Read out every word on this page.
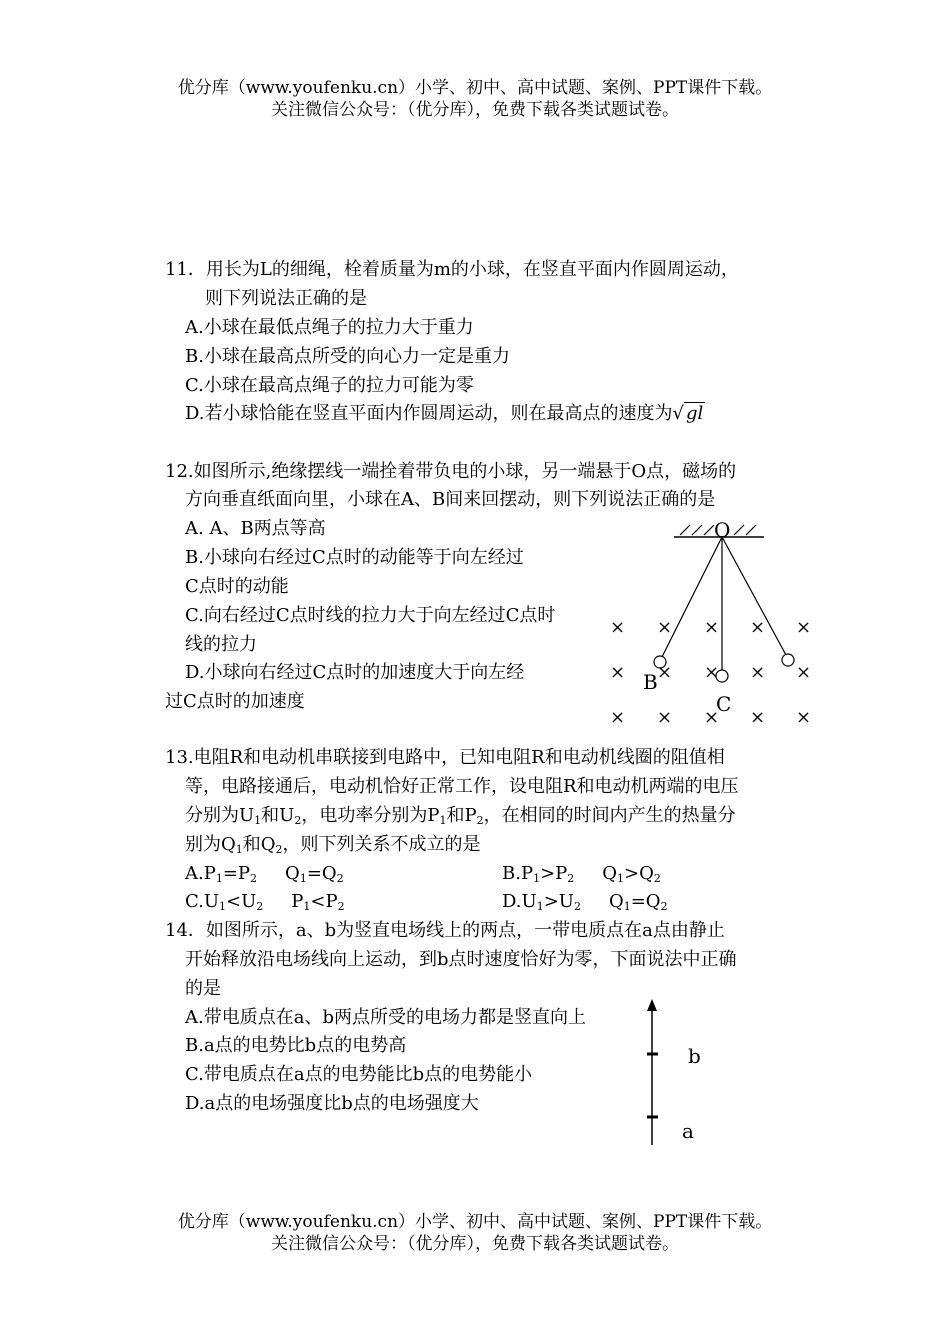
优分库（www.youfenku.cn）小学、初中、高中试题、案例、PPT课件下载。
关注微信公众号：（优分库），免费下载各类试题试卷。
11．用长为L的细绳，栓着质量为m的小球，在竖直平面内作圆周运动，
则下列说法正确的是
A.小球在最低点绳子的拉力大于重力
B.小球在最高点所受的向心力一定是重力
C.小球在最高点绳子的拉力可能为零
D.若小球恰能在竖直平面内作圆周运动，则在最高点的速度为√ gl
12.如图所示,绝缘摆线一端拴着带负电的小球，另一端悬于O点，磁场的
方向垂直纸面向里，小球在A、B间来回摆动，则下列说法正确的是
A. A、B两点等高
B.小球向右经过C点时的动能等于向左经过
C点时的动能
C.向右经过C点时线的拉力大于向左经过C点时
线的拉力
D.小球向右经过C点时的加速度大于向左经
过C点时的加速度
O
× × × × ×
× × × × ×
× × × × ×
B
C
13.电阻R和电动机串联接到电路中，已知电阻R和电动机线圈的阻值相
等，电路接通后，电动机恰好正常工作，设电阻R和电动机两端的电压
分别为$U_1$和$U_2$，电功率分别为$P_1$和$P_2$，在相同的时间内产生的热量分
别为$Q_1$和$Q_2$，则下列关系不成立的是
$A.P_1=P_2$ $Q_1=Q_2$	$B.P_1>P_2$ $Q_1>Q_2$
$C.U_1<U_2$ $P_1<P_2$	$D.U_1>U_2$ $Q_1=Q_2$
14．如图所示，a、b为竖直电场线上的两点，一带电质点在a点由静止
开始释放沿电场线向上运动，到b点时速度恰好为零，下面说法中正确
的是
A.带电质点在a、b两点所受的电场力都是竖直向上
B.a点的电势比b点的电势高
C.带电质点在a点的电势能比b点的电势能小
D.a点的电场强度比b点的电场强度大
b
a
优分库（www.youfenku.cn）小学、初中、高中试题、案例、PPT课件下载。
关注微信公众号：（优分库），免费下载各类试题试卷。
